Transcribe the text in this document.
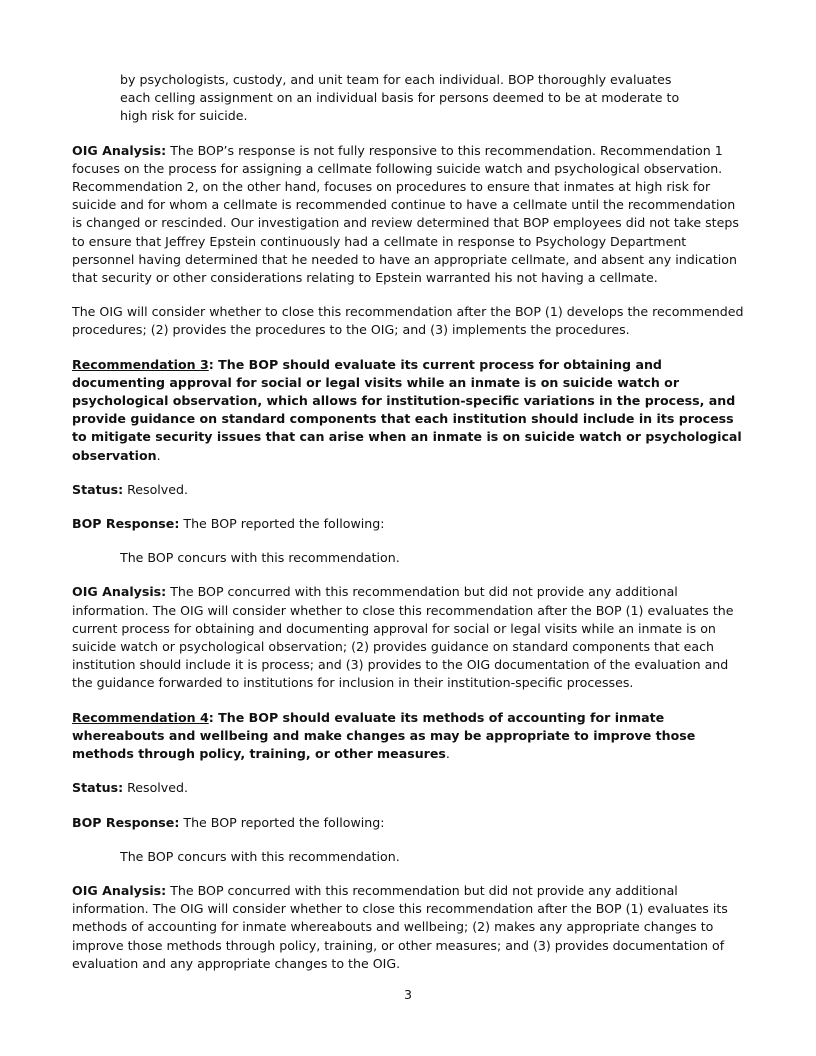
by psychologists, custody, and unit team for each individual. BOP thoroughly evaluates each celling assignment on an individual basis for persons deemed to be at moderate to high risk for suicide.

OIG Analysis: The BOP’s response is not fully responsive to this recommendation. Recommendation 1 focuses on the process for assigning a cellmate following suicide watch and psychological observation. Recommendation 2, on the other hand, focuses on procedures to ensure that inmates at high risk for suicide and for whom a cellmate is recommended continue to have a cellmate until the recommendation is changed or rescinded. Our investigation and review determined that BOP employees did not take steps to ensure that Jeffrey Epstein continuously had a cellmate in response to Psychology Department personnel having determined that he needed to have an appropriate cellmate, and absent any indication that security or other considerations relating to Epstein warranted his not having a cellmate.

The OIG will consider whether to close this recommendation after the BOP (1) develops the recommended procedures; (2) provides the procedures to the OIG; and (3) implements the procedures.

Recommendation 3: The BOP should evaluate its current process for obtaining and documenting approval for social or legal visits while an inmate is on suicide watch or psychological observation, which allows for institution-specific variations in the process, and provide guidance on standard components that each institution should include in its process to mitigate security issues that can arise when an inmate is on suicide watch or psychological observation.

Status: Resolved.

BOP Response: The BOP reported the following:

The BOP concurs with this recommendation.

OIG Analysis: The BOP concurred with this recommendation but did not provide any additional information. The OIG will consider whether to close this recommendation after the BOP (1) evaluates the current process for obtaining and documenting approval for social or legal visits while an inmate is on suicide watch or psychological observation; (2) provides guidance on standard components that each institution should include it is process; and (3) provides to the OIG documentation of the evaluation and the guidance forwarded to institutions for inclusion in their institution-specific processes.

Recommendation 4: The BOP should evaluate its methods of accounting for inmate whereabouts and wellbeing and make changes as may be appropriate to improve those methods through policy, training, or other measures.

Status: Resolved.

BOP Response: The BOP reported the following:

The BOP concurs with this recommendation.

OIG Analysis: The BOP concurred with this recommendation but did not provide any additional information. The OIG will consider whether to close this recommendation after the BOP (1) evaluates its methods of accounting for inmate whereabouts and wellbeing; (2) makes any appropriate changes to improve those methods through policy, training, or other measures; and (3) provides documentation of evaluation and any appropriate changes to the OIG.

3
